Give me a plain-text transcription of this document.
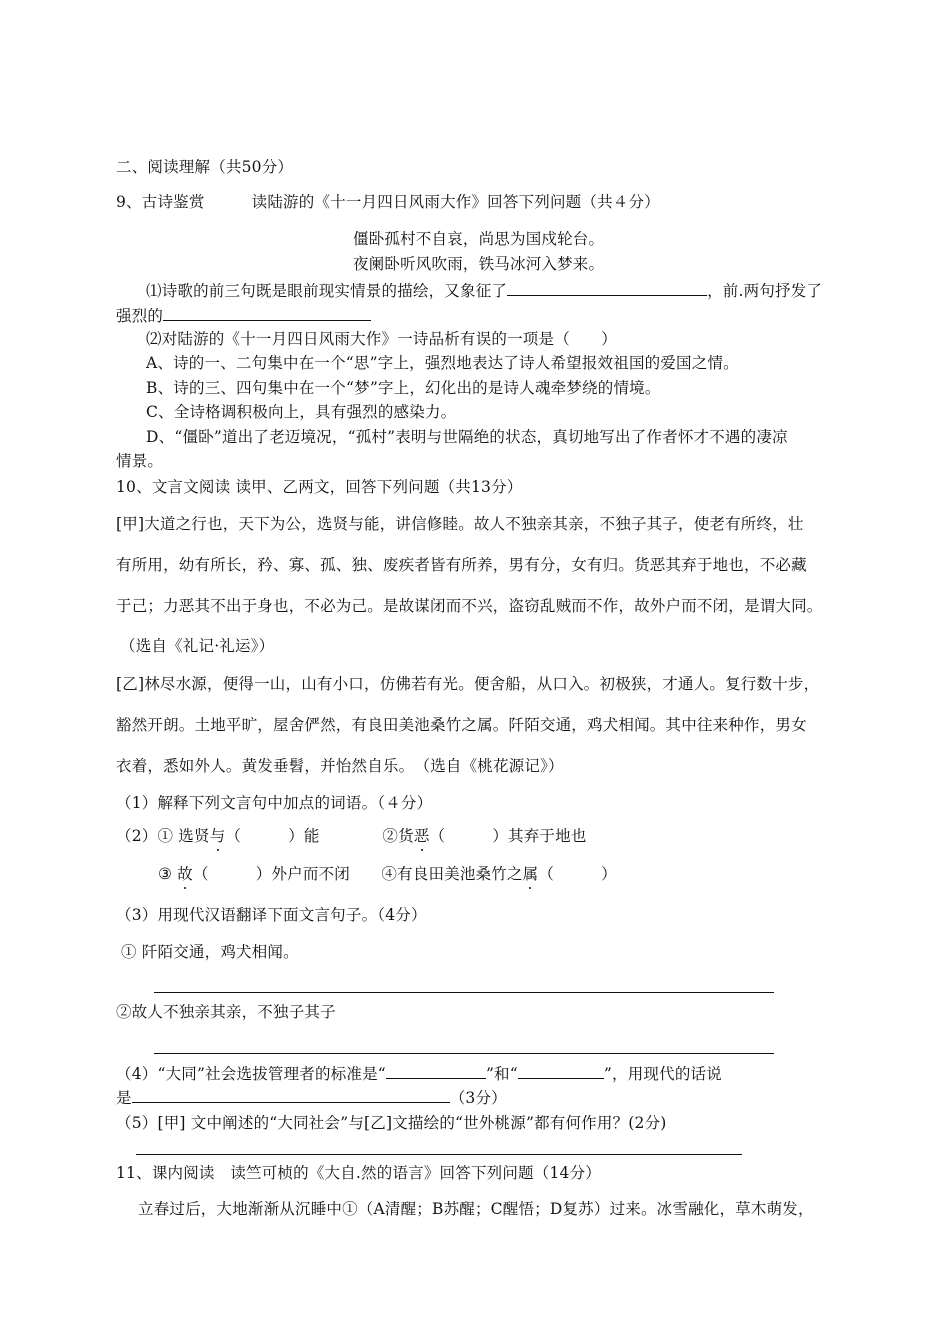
二、阅读理解（共50分）
9、古诗鉴赏　　　读陆游的《十一月四日风雨大作》回答下列问题（共４分）
僵卧孤村不自哀，尚思为国戍轮台。
夜阑卧听风吹雨，铁马冰河入梦来。
⑴诗歌的前三句既是眼前现实情景的描绘，又象征了	，前.两句抒发了
强烈的
⑵对陆游的《十一月四日风雨大作》一诗品析有误的一项是（　　）
A、诗的一、二句集中在一个“思”字上，强烈地表达了诗人希望报效祖国的爱国之情。
B、诗的三、四句集中在一个“梦”字上，幻化出的是诗人魂牵梦绕的情境。
C、全诗格调积极向上，具有强烈的感染力。
D、“僵卧”道出了老迈境况，“孤村”表明与世隔绝的状态，真切地写出了作者怀才不遇的凄凉
情景。
10、文言文阅读 读甲、乙两文，回答下列问题（共13分）
[甲]大道之行也，天下为公，选贤与能，讲信修睦。故人不独亲其亲，不独子其子，使老有所终，壮
有所用，幼有所长，矜、寡、孤、独、废疾者皆有所养，男有分，女有归。货恶其弃于地也，不必藏
于己；力恶其不出于身也，不必为己。是故谋闭而不兴，盗窃乱贼而不作，故外户而不闭，是谓大同。
（选自《礼记·礼运》）
[乙]林尽水源，便得一山，山有小口，仿佛若有光。便舍船，从口入。初极狭，才通人。复行数十步，
豁然开朗。土地平旷，屋舍俨然，有良田美池桑竹之属。阡陌交通，鸡犬相闻。其中往来种作，男女
衣着，悉如外人。黄发垂髫，并怡然自乐。　（选自《桃花源记》）
（1）解释下列文言句中加点的词语。（４分）
（2）① 选贤与（　　　）能　　　　②货恶（　　　）其弃于地也
③ 故（　　　）外户而不闭　　④有良田美池桑竹之属（　　　）
（3）用现代汉语翻译下面文言句子。（4分）
① 阡陌交通，鸡犬相闻。
②故人不独亲其亲，不独子其子
（4）“大同”社会选拔管理者的标准是“	”和“	”，用现代的话说
是	（3分）
（5）[甲] 文中阐述的“大同社会”与[乙]文描绘的“世外桃源”都有何作用？(2分)
11、课内阅读　读竺可桢的《大自.然的语言》回答下列问题（14分）
立春过后，大地渐渐从沉睡中①（A清醒；B苏醒；C醒悟；D复苏）过来。冰雪融化，草木萌发，
